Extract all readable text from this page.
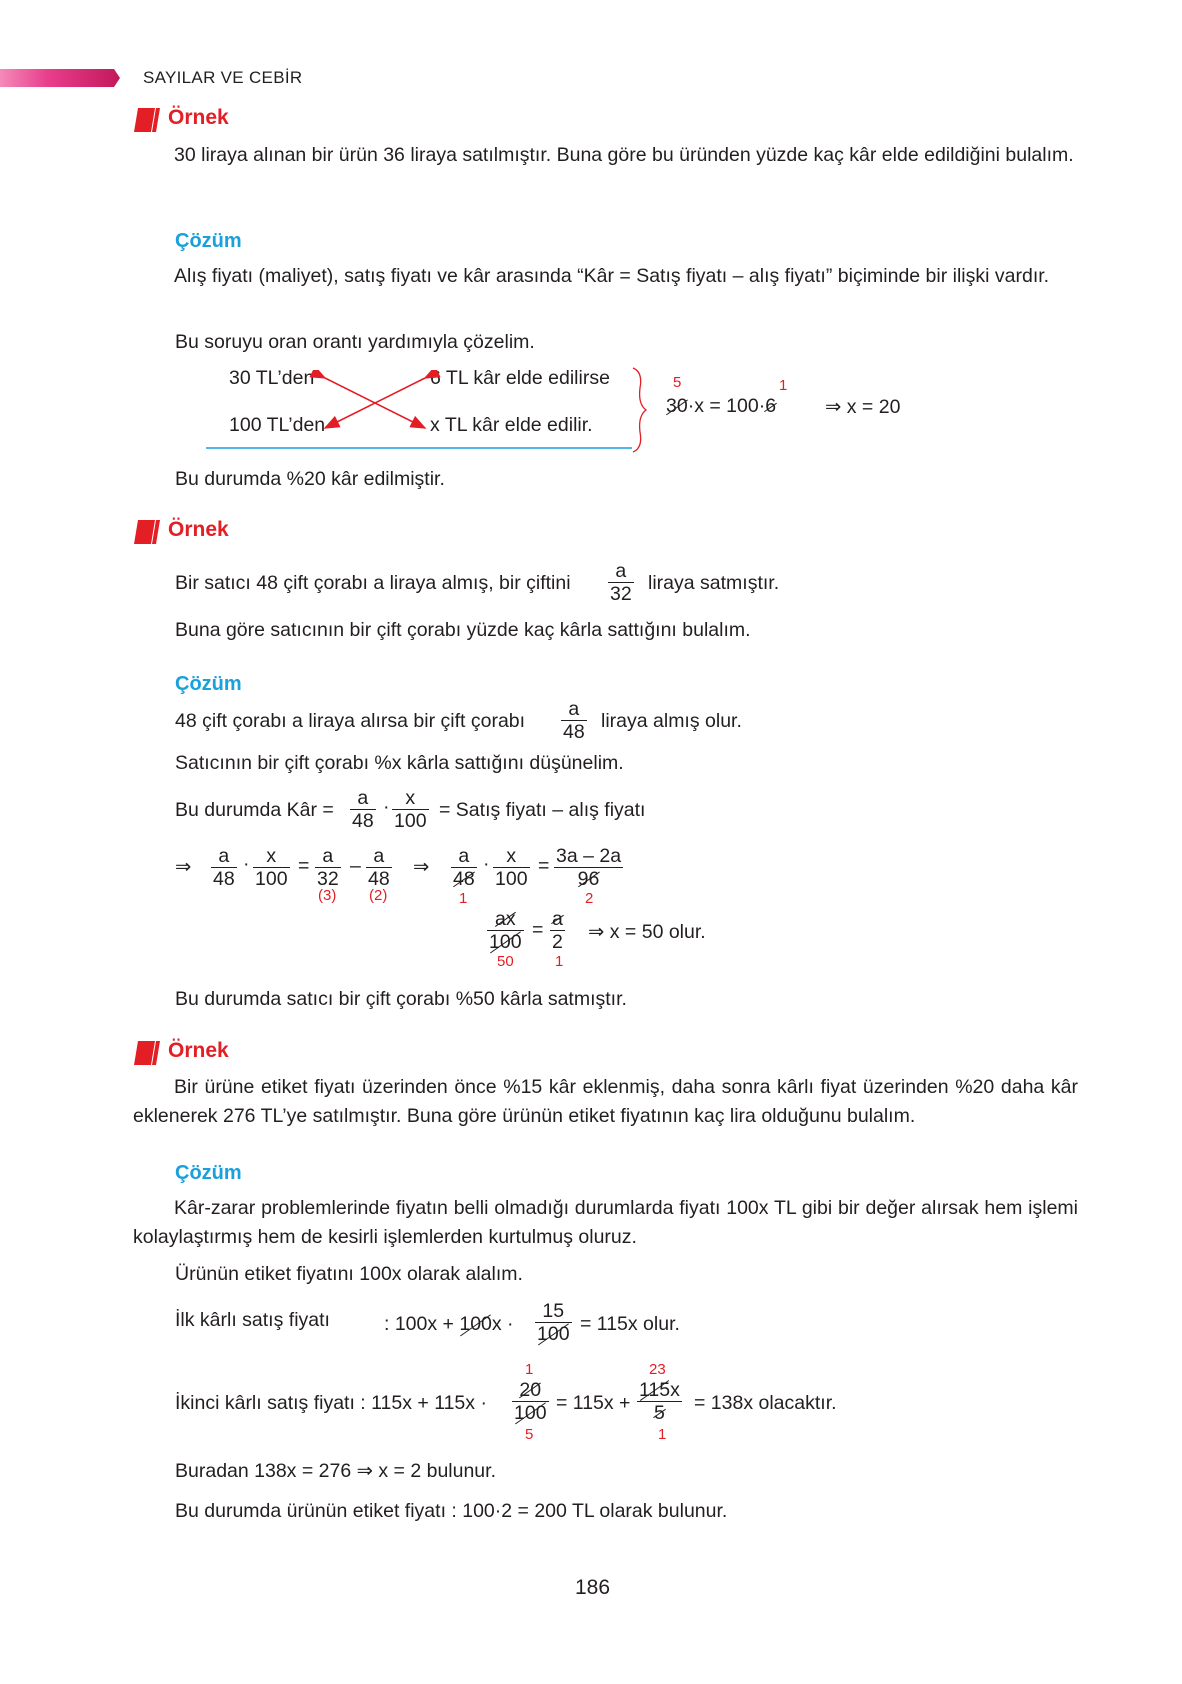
SAYILAR VE CEBİR
Örnek
30 liraya alınan bir ürün 36 liraya satılmıştır. Buna göre bu üründen yüzde kaç kâr elde edildiğini bulalım.
Çözüm
Alış fiyatı (maliyet), satış fiyatı ve kâr arasında “Kâr = Satış fiyatı – alış fiyatı” biçiminde bir ilişki vardır.
Bu soruyu oran orantı yardımıyla çözelim.
30 TL’den	6 TL kâr elde edilirse
100 TL’den	x TL kâr elde edilir.
5	1
30·x = 100·6	⇒ x = 20
Bu durumda %20 kâr edilmiştir.
Örnek
Bir satıcı 48 çift çorabı a liraya almış, bir çiftini $\frac{a}{32}$ liraya satmıştır.
Buna göre satıcının bir çift çorabı yüzde kaç kârla sattığını bulalım.
Çözüm
48 çift çorabı a liraya alırsa bir çift çorabı $\frac{a}{48}$ liraya almış olur.
Satıcının bir çift çorabı %x kârla sattığını düşünelim.
Bu durumda Kâr = $\frac{a}{48} \cdot \frac{x}{100}$ = Satış fiyatı – alış fiyatı
⇒ $\frac{a}{48} \cdot \frac{x}{100} = \frac{a}{32} - \frac{a}{48}$
(3) (2)
⇒ $\frac{a}{48} \cdot \frac{x}{100} = \frac{3a - 2a}{96}$
1	2
$\frac{ax}{100} = \frac{a}{2}$
50	1
⇒ x = 50 olur.
Bu durumda satıcı bir çift çorabı %50 kârla satmıştır.
Örnek
Bir ürüne etiket fiyatı üzerinden önce %15 kâr eklenmiş, daha sonra kârlı fiyat üzerinden %20 daha kâr eklenerek 276 TL’ye satılmıştır. Buna göre ürünün etiket fiyatının kaç lira olduğunu bulalım.
Çözüm
Kâr-zarar problemlerinde fiyatın belli olmadığı durumlarda fiyatı 100x TL gibi bir değer alırsak hem işlemi kolaylaştırmış hem de kesirli işlemlerden kurtulmuş oluruz.
Ürünün etiket fiyatını 100x olarak alalım.
İlk kârlı satış fiyatı	: $100x + 100x \cdot \frac{15}{100} = 115x$ olur.
1	23
İkinci kârlı satış fiyatı : $115x + 115x \cdot \frac{20}{100} = 115x + \frac{115x}{5}$
5	1
= 138x olacaktır.
Buradan 138x = 276 ⇒ x = 2 bulunur.
Bu durumda ürünün etiket fiyatı : 100·2 = 200 TL olarak bulunur.
186
